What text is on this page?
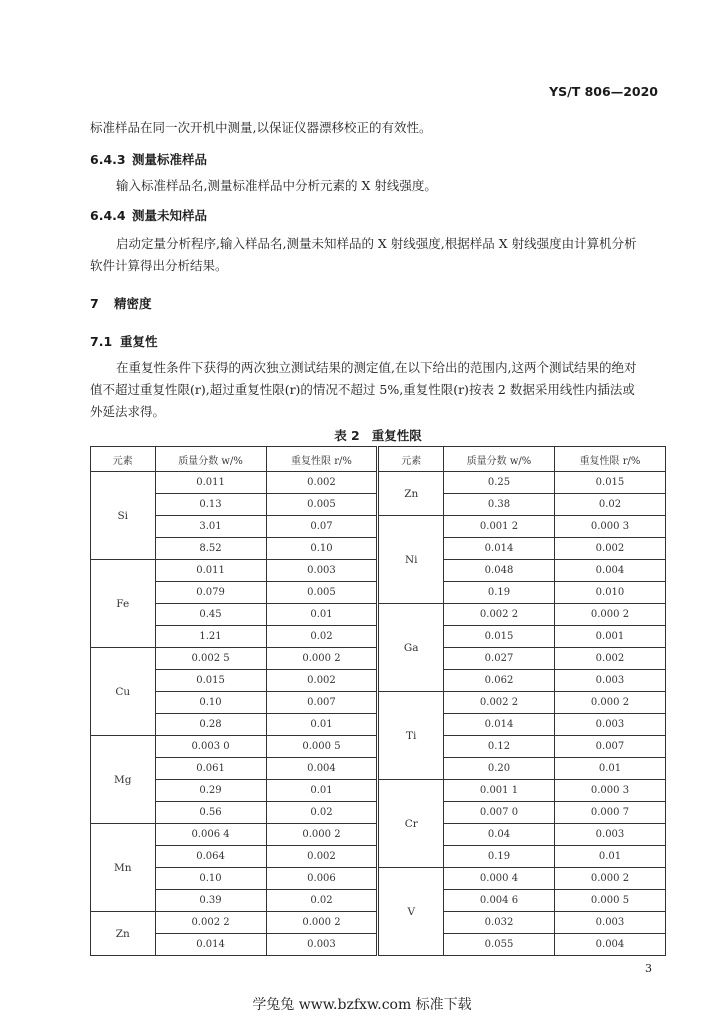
YS/T 806—2020
标准样品在同一次开机中测量,以保证仪器漂移校正的有效性。
6.4.3 测量标准样品
输入标准样品名,测量标准样品中分析元素的 X 射线强度。
6.4.4 测量未知样品
启动定量分析程序,输入样品名,测量未知样品的 X 射线强度,根据样品 X 射线强度由计算机分析
软件计算得出分析结果。
7 精密度
7.1 重复性
在重复性条件下获得的两次独立测试结果的测定值,在以下给出的范围内,这两个测试结果的绝对
值不超过重复性限(r),超过重复性限(r)的情况不超过 5%,重复性限(r)按表 2 数据采用线性内插法或
外延法求得。
表 2 重复性限
元素	质量分数 w/%	重复性限 r/%		元素	质量分数 w/%	重复性限 r/%
Si	0.011	0.002		Zn	0.25	0.015
	0.13	0.005			0.38	0.02
	3.01	0.07		Ni	0.001 2	0.000 3
	8.52	0.10			0.014	0.002
Fe	0.011	0.003			0.048	0.004
	0.079	0.005			0.19	0.010
	0.45	0.01		Ga	0.002 2	0.000 2
	1.21	0.02			0.015	0.001
Cu	0.002 5	0.000 2			0.027	0.002
	0.015	0.002			0.062	0.003
	0.10	0.007		Ti	0.002 2	0.000 2
	0.28	0.01			0.014	0.003
Mg	0.003 0	0.000 5			0.12	0.007
	0.061	0.004			0.20	0.01
	0.29	0.01		Cr	0.001 1	0.000 3
	0.56	0.02			0.007 0	0.000 7
Mn	0.006 4	0.000 2			0.04	0.003
	0.064	0.002			0.19	0.01
	0.10	0.006		V	0.000 4	0.000 2
	0.39	0.02			0.004 6	0.000 5
Zn	0.002 2	0.000 2			0.032	0.003
	0.014	0.003			0.055	0.004
3
学兔兔 www.bzfxw.com 标准下载
